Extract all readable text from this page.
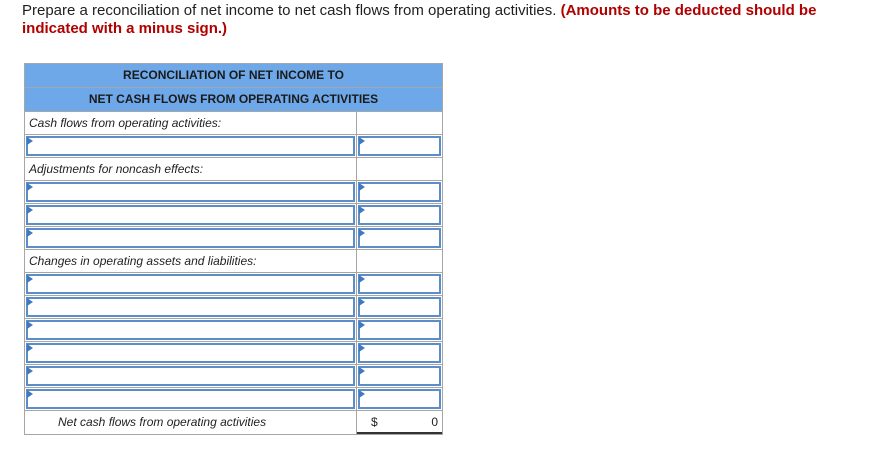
Prepare a reconciliation of net income to net cash flows from operating activities. (Amounts to be deducted should be indicated with a minus sign.)
RECONCILIATION OF NET INCOME TO
NET CASH FLOWS FROM OPERATING ACTIVITIES
Cash flows from operating activities:
Adjustments for noncash effects:
Changes in operating assets and liabilities:
Net cash flows from operating activities	$	0
